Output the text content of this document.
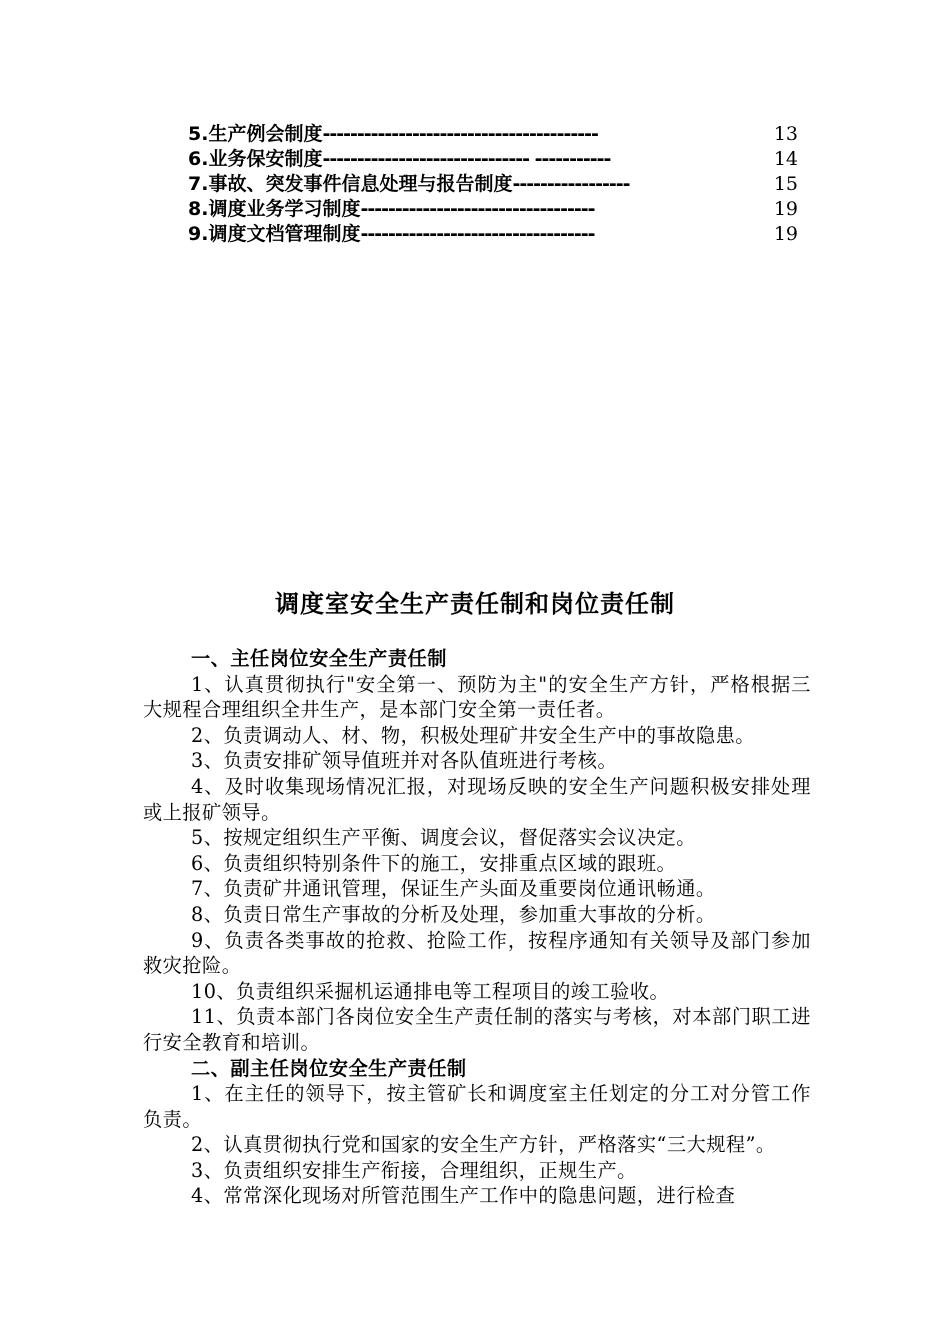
5.生产例会制度 ----------------------------------------	13
6.业务保安制度 ------------------------------ -----------	14
7.事故、突发事件信息处理与报告制度 -----------------	15
8.调度业务学习制度 ----------------------------------	19
9.调度文档管理制度 ----------------------------------	19
调度室安全生产责任制和岗位责任制

一、主任岗位安全生产责任制

1、认真贯彻执行"安全第一、预防为主"的安全生产方针，严格根据三大规程合理组织全井生产，是本部门安全第一责任者。

2、负责调动人、材、物，积极处理矿井安全生产中的事故隐患。

3、负责安排矿领导值班并对各队值班进行考核。

4、及时收集现场情况汇报，对现场反映的安全生产问题积极安排处理或上报矿领导。

5、按规定组织生产平衡、调度会议，督促落实会议决定。

6、负责组织特别条件下的施工，安排重点区域的跟班。

7、负责矿井通讯管理，保证生产头面及重要岗位通讯畅通。

8、负责日常生产事故的分析及处理，参加重大事故的分析。

9、负责各类事故的抢救、抢险工作，按程序通知有关领导及部门参加救灾抢险。

10、负责组织采掘机运通排电等工程项目的竣工验收。

11、负责本部门各岗位安全生产责任制的落实与考核，对本部门职工进行安全教育和培训。

二、副主任岗位安全生产责任制

1、在主任的领导下，按主管矿长和调度室主任划定的分工对分管工作负责。

2、认真贯彻执行党和国家的安全生产方针，严格落实“三大规程”。

3、负责组织安排生产衔接，合理组织，正规生产。

4、常常深化现场对所管范围生产工作中的隐患问题，进行检查
